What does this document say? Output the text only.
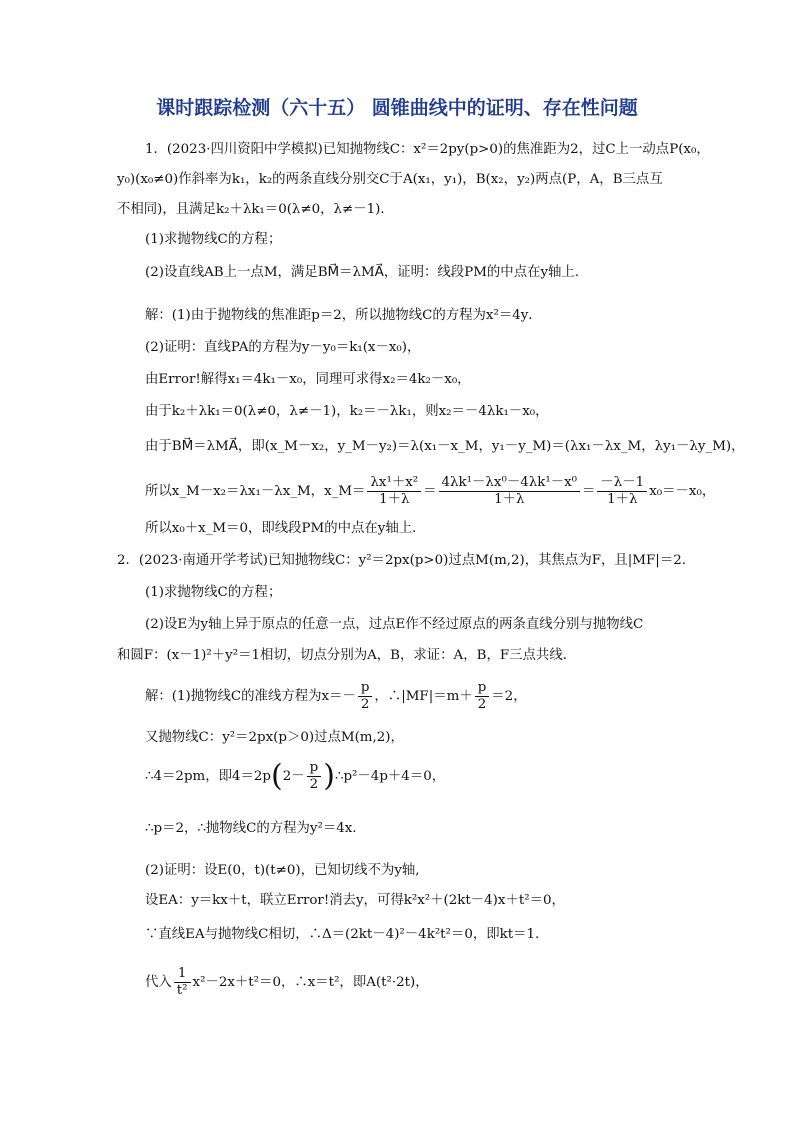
课时跟踪检测（六十五） 圆锥曲线中的证明、存在性问题
1．(2023·四川资阳中学模拟)已知抛物线C：x²＝2py(p>0)的焦准距为2，过C上一动点P(x₀，
y₀)(x₀≠0)作斜率为k₁，k₂的两条直线分别交C于A(x₁，y₁)，B(x₂，y₂)两点(P，A，B三点互
不相同)，且满足k₂＋λk₁＝0(λ≠0，λ≠－1)．
(1)求抛物线C的方程；
(2)设直线AB上一点M，满足BM⃗＝λMA⃗，证明：线段PM的中点在y轴上．
解：(1)由于抛物线的焦准距p＝2，所以抛物线C的方程为x²＝4y．
(2)证明：直线PA的方程为y－y₀＝k₁(x－x₀)，
由Error!解得x₁＝4k₁－x₀，同理可求得x₂＝4k₂－x₀，
由于k₂＋λk₁＝0(λ≠0，λ≠－1)，k₂＝－λk₁，则x₂＝－4λk₁－x₀，
由于BM⃗＝λMA⃗，即(x_M－x₂，y_M－y₂)＝λ(x₁－x_M，y₁－y_M)＝(λx₁－λx_M，λy₁－λy_M)，
所以x_M－x₂＝λx₁－λx_M，x_M＝ $\frac{\text{λx¹＋x²}}{1+\lambda} = \frac{\text{4λk¹－λx⁰－4λk¹－x⁰}}{1+\lambda} = \frac{-\lambda-1}{1+\lambda} x_0=-x_0$，
所以x₀＋x_M＝0，即线段PM的中点在y轴上．
2．(2023·南通开学考试)已知抛物线C：y²＝2px(p>0)过点M(m,2)，其焦点为F，且|MF|＝2.
(1)求抛物线C的方程；
(2)设E为y轴上异于原点的任意一点，过点E作不经过原点的两条直线分别与抛物线C
和圆F：(x－1)²＋y²＝1相切，切点分别为A，B，求证：A，B，F三点共线．
解：(1)抛物线C的准线方程为$x=- \frac{p}{2}$ ，∴|MF|＝m＋ $\frac{p}{2} =2$，
又抛物线C：y²＝2px(p＞0)过点M(m,2)，
∴4＝2pm，即$4=2p(2- \frac{p}{2}$ )∴p²－4p＋4＝0，
∴p＝2，∴抛物线C的方程为y²＝4x.
(2)证明：设E(0，t)(t≠0)，已知切线不为y轴,
设EA：y＝kx＋t，联立Error!消去y，可得k²x²＋(2kt－4)x＋t²＝0，
∵直线EA与抛物线C相切，∴Δ＝(2kt－4)²－4k²t²＝0，即kt＝1.
代入 $\frac{1}{\text{t²}} x^2-2x+t^2=0$，∴x＝t²，即A(t²·2t)，
